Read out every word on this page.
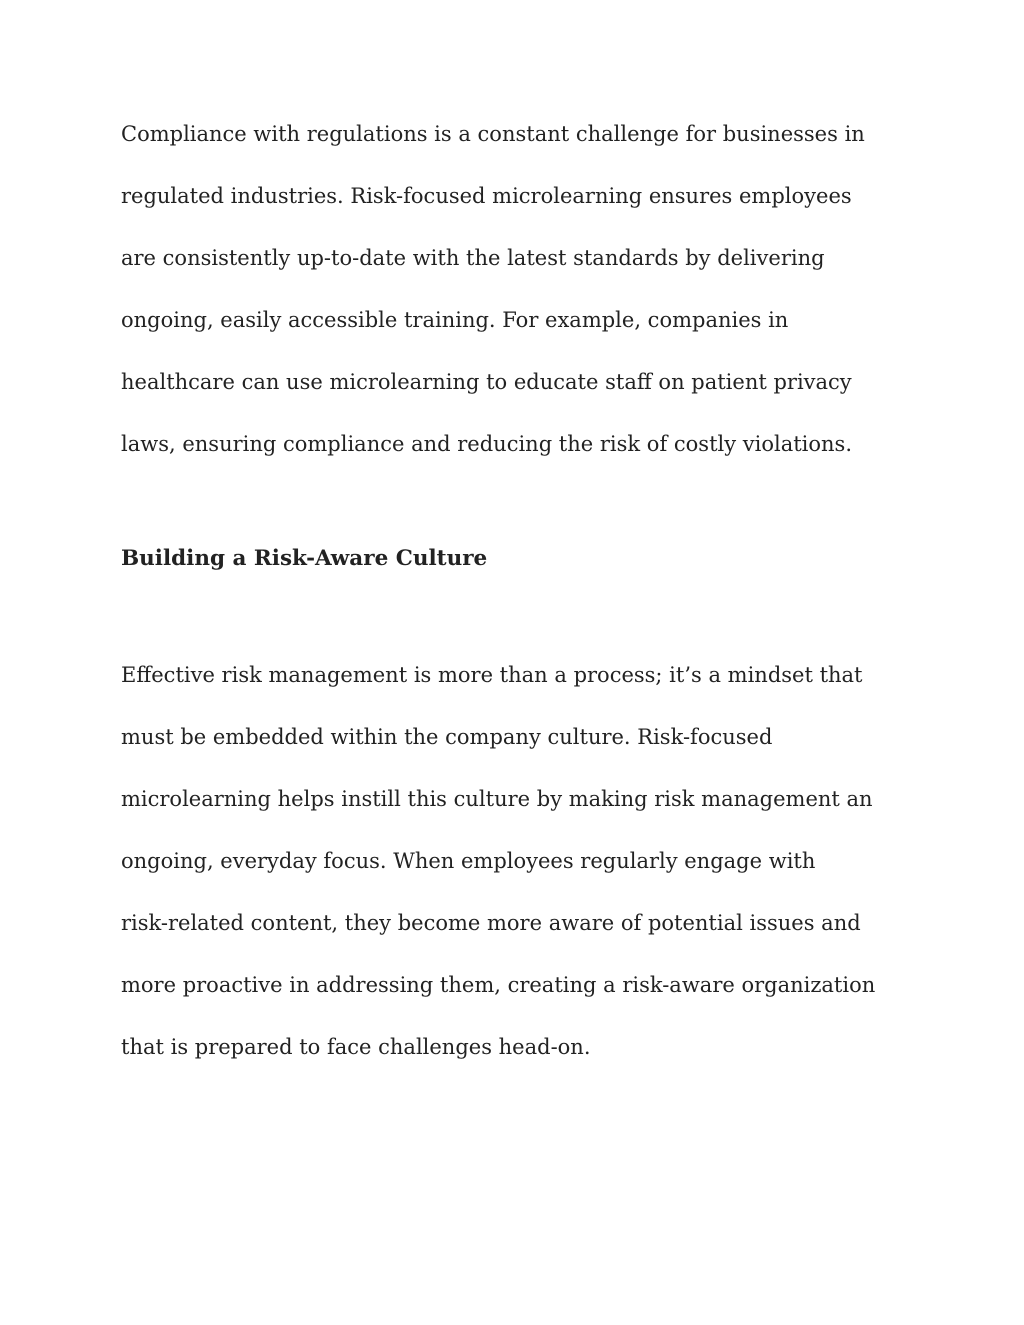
Compliance with regulations is a constant challenge for businesses in
regulated industries. Risk-focused microlearning ensures employees
are consistently up-to-date with the latest standards by delivering
ongoing, easily accessible training. For example, companies in
healthcare can use microlearning to educate staff on patient privacy
laws, ensuring compliance and reducing the risk of costly violations.

Building a Risk-Aware Culture

Effective risk management is more than a process; it’s a mindset that
must be embedded within the company culture. Risk-focused
microlearning helps instill this culture by making risk management an
ongoing, everyday focus. When employees regularly engage with
risk-related content, they become more aware of potential issues and
more proactive in addressing them, creating a risk-aware organization
that is prepared to face challenges head-on.
